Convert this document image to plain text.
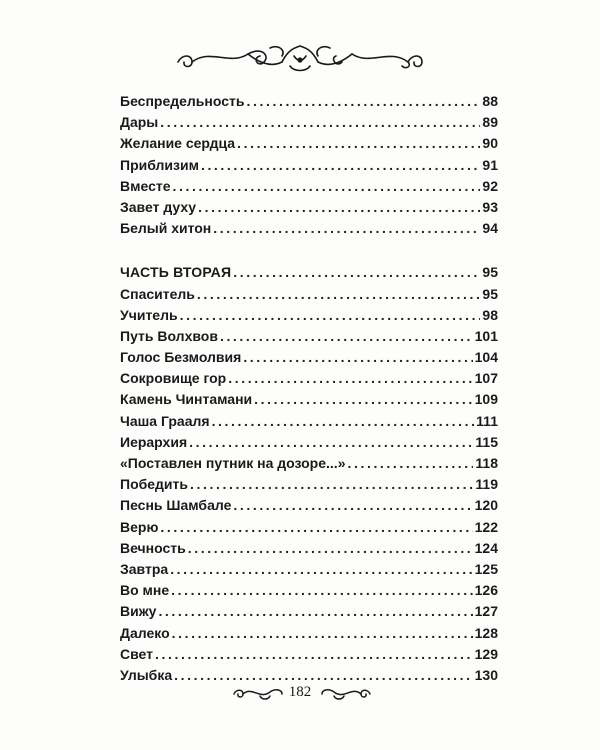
Беспредельность .....	88
Дары .....	89
Желание сердца .....	90
Приблизим .....	91
Вместе .....	92
Завет духу .....	93
Белый хитон .....	94
ЧАСТЬ ВТОРАЯ .....	95
Спаситель .....	95
Учитель .....	98
Путь Волхвов .....	101
Голос Безмолвия .....	104
Сокровище гор .....	107
Камень Чинтамани .....	109
Чаша Грааля .....	111
Иерархия .....	115
«Поставлен путник на дозоре...» .....	118
Победить .....	119
Песнь Шамбале .....	120
Верю .....	122
Вечность .....	124
Завтра .....	125
Во мне .....	126
Вижу .....	127
Далеко .....	128
Свет .....	129
Улыбка .....	130
182
